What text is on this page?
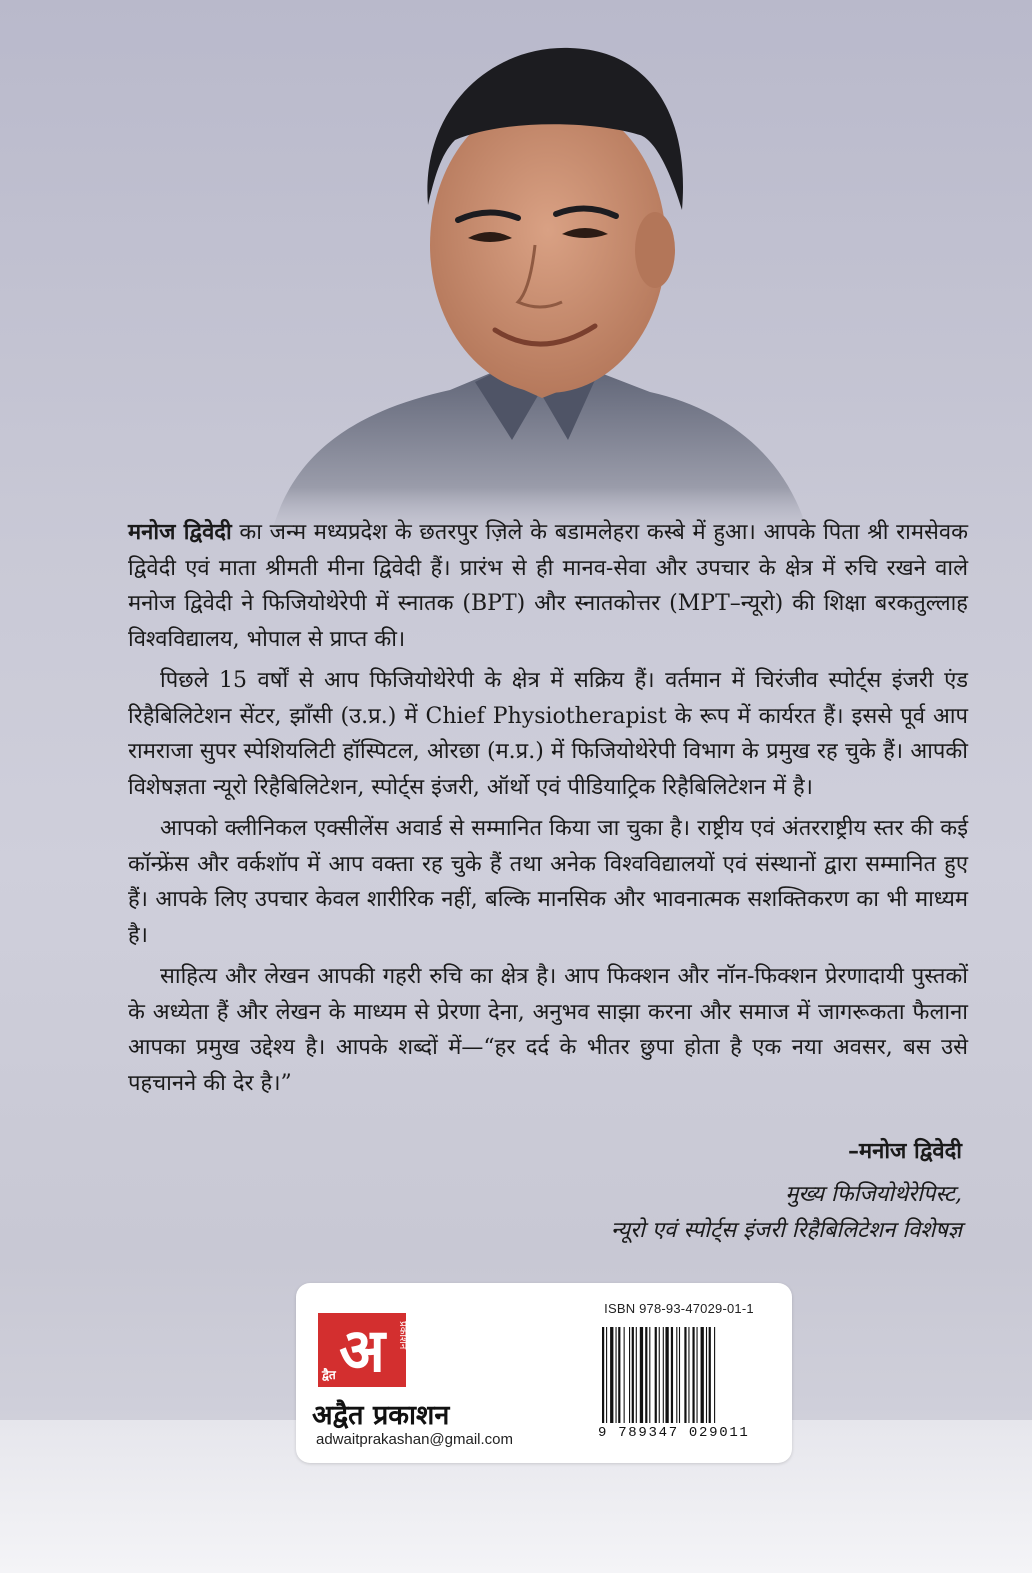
मनोज द्विवेदी का जन्म मध्यप्रदेश के छतरपुर ज़िले के बडामलेहरा कस्बे में हुआ। आपके पिता श्री रामसेवक द्विवेदी एवं माता श्रीमती मीना द्विवेदी हैं। प्रारंभ से ही मानव-सेवा और उपचार के क्षेत्र में रुचि रखने वाले मनोज द्विवेदी ने फिजियोथेरेपी में स्नातक (BPT) और स्नातकोत्तर (MPT–न्यूरो) की शिक्षा बरकतुल्लाह विश्वविद्यालय, भोपाल से प्राप्त की।

पिछले 15 वर्षों से आप फिजियोथेरेपी के क्षेत्र में सक्रिय हैं। वर्तमान में चिरंजीव स्पोर्ट्स इंजरी एंड रिहैबिलिटेशन सेंटर, झाँसी (उ.प्र.) में Chief Physiotherapist के रूप में कार्यरत हैं। इससे पूर्व आप रामराजा सुपर स्पेशियलिटी हॉस्पिटल, ओरछा (म.प्र.) में फिजियोथेरेपी विभाग के प्रमुख रह चुके हैं। आपकी विशेषज्ञता न्यूरो रिहैबिलिटेशन, स्पोर्ट्स इंजरी, ऑर्थो एवं पीडियाट्रिक रिहैबिलिटेशन में है।

आपको क्लीनिकल एक्सीलेंस अवार्ड से सम्मानित किया जा चुका है। राष्ट्रीय एवं अंतरराष्ट्रीय स्तर की कई कॉन्फ्रेंस और वर्कशॉप में आप वक्ता रह चुके हैं तथा अनेक विश्वविद्यालयों एवं संस्थानों द्वारा सम्मानित हुए हैं। आपके लिए उपचार केवल शारीरिक नहीं, बल्कि मानसिक और भावनात्मक सशक्तिकरण का भी माध्यम है।

साहित्य और लेखन आपकी गहरी रुचि का क्षेत्र है। आप फिक्शन और नॉन-फिक्शन प्रेरणादायी पुस्तकों के अध्येता हैं और लेखन के माध्यम से प्रेरणा देना, अनुभव साझा करना और समाज में जागरूकता फैलाना आपका प्रमुख उद्देश्य है। आपके शब्दों में—“हर दर्द के भीतर छुपा होता है एक नया अवसर, बस उसे पहचानने की देर है।”

–मनोज द्विवेदी
मुख्य फिजियोथेरेपिस्ट,
न्यूरो एवं स्पोर्ट्स इंजरी रिहैबिलिटेशन विशेषज्ञ
अ
द्वैत
प्रकाशन
अद्वैत प्रकाशन
adwaitprakashan@gmail.com
ISBN 978-93-47029-01-1
9 789347 029011
